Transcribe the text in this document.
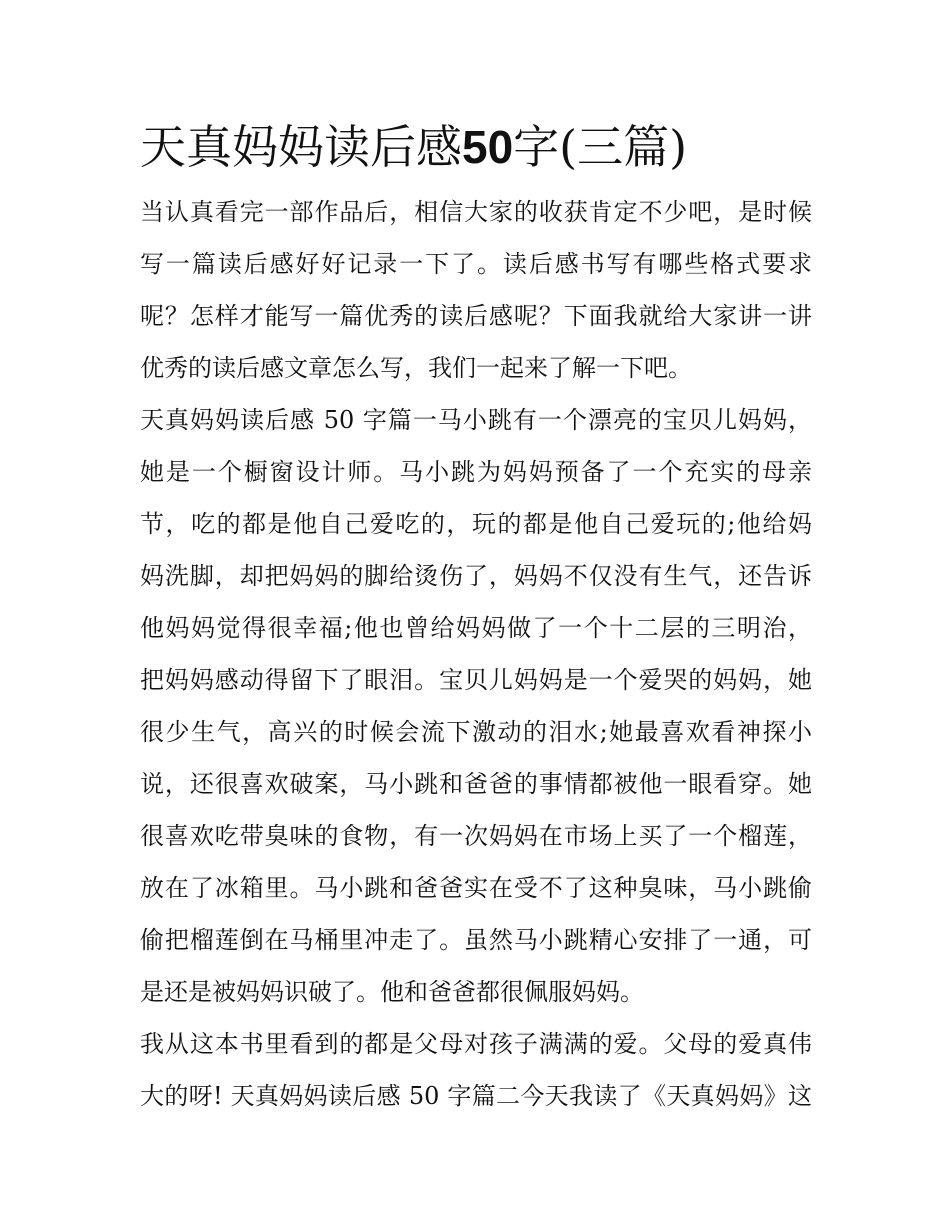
天真妈妈读后感50字(三篇)

当认真看完一部作品后，相信大家的收获肯定不少吧，是时候
写一篇读后感好好记录一下了。读后感书写有哪些格式要求
呢？怎样才能写一篇优秀的读后感呢？下面我就给大家讲一讲
优秀的读后感文章怎么写，我们一起来了解一下吧。

天真妈妈读后感 50 字篇一马小跳有一个漂亮的宝贝儿妈妈，
她是一个橱窗设计师。马小跳为妈妈预备了一个充实的母亲
节，吃的都是他自己爱吃的，玩的都是他自己爱玩的;他给妈
妈洗脚，却把妈妈的脚给烫伤了，妈妈不仅没有生气，还告诉
他妈妈觉得很幸福;他也曾给妈妈做了一个十二层的三明治，
把妈妈感动得留下了眼泪。宝贝儿妈妈是一个爱哭的妈妈，她
很少生气，高兴的时候会流下激动的泪水;她最喜欢看神探小
说，还很喜欢破案，马小跳和爸爸的事情都被他一眼看穿。她
很喜欢吃带臭味的食物，有一次妈妈在市场上买了一个榴莲，
放在了冰箱里。马小跳和爸爸实在受不了这种臭味，马小跳偷
偷把榴莲倒在马桶里冲走了。虽然马小跳精心安排了一通，可
是还是被妈妈识破了。他和爸爸都很佩服妈妈。

我从这本书里看到的都是父母对孩子满满的爱。父母的爱真伟
大的呀! 天真妈妈读后感 50 字篇二今天我读了《天真妈妈》这
